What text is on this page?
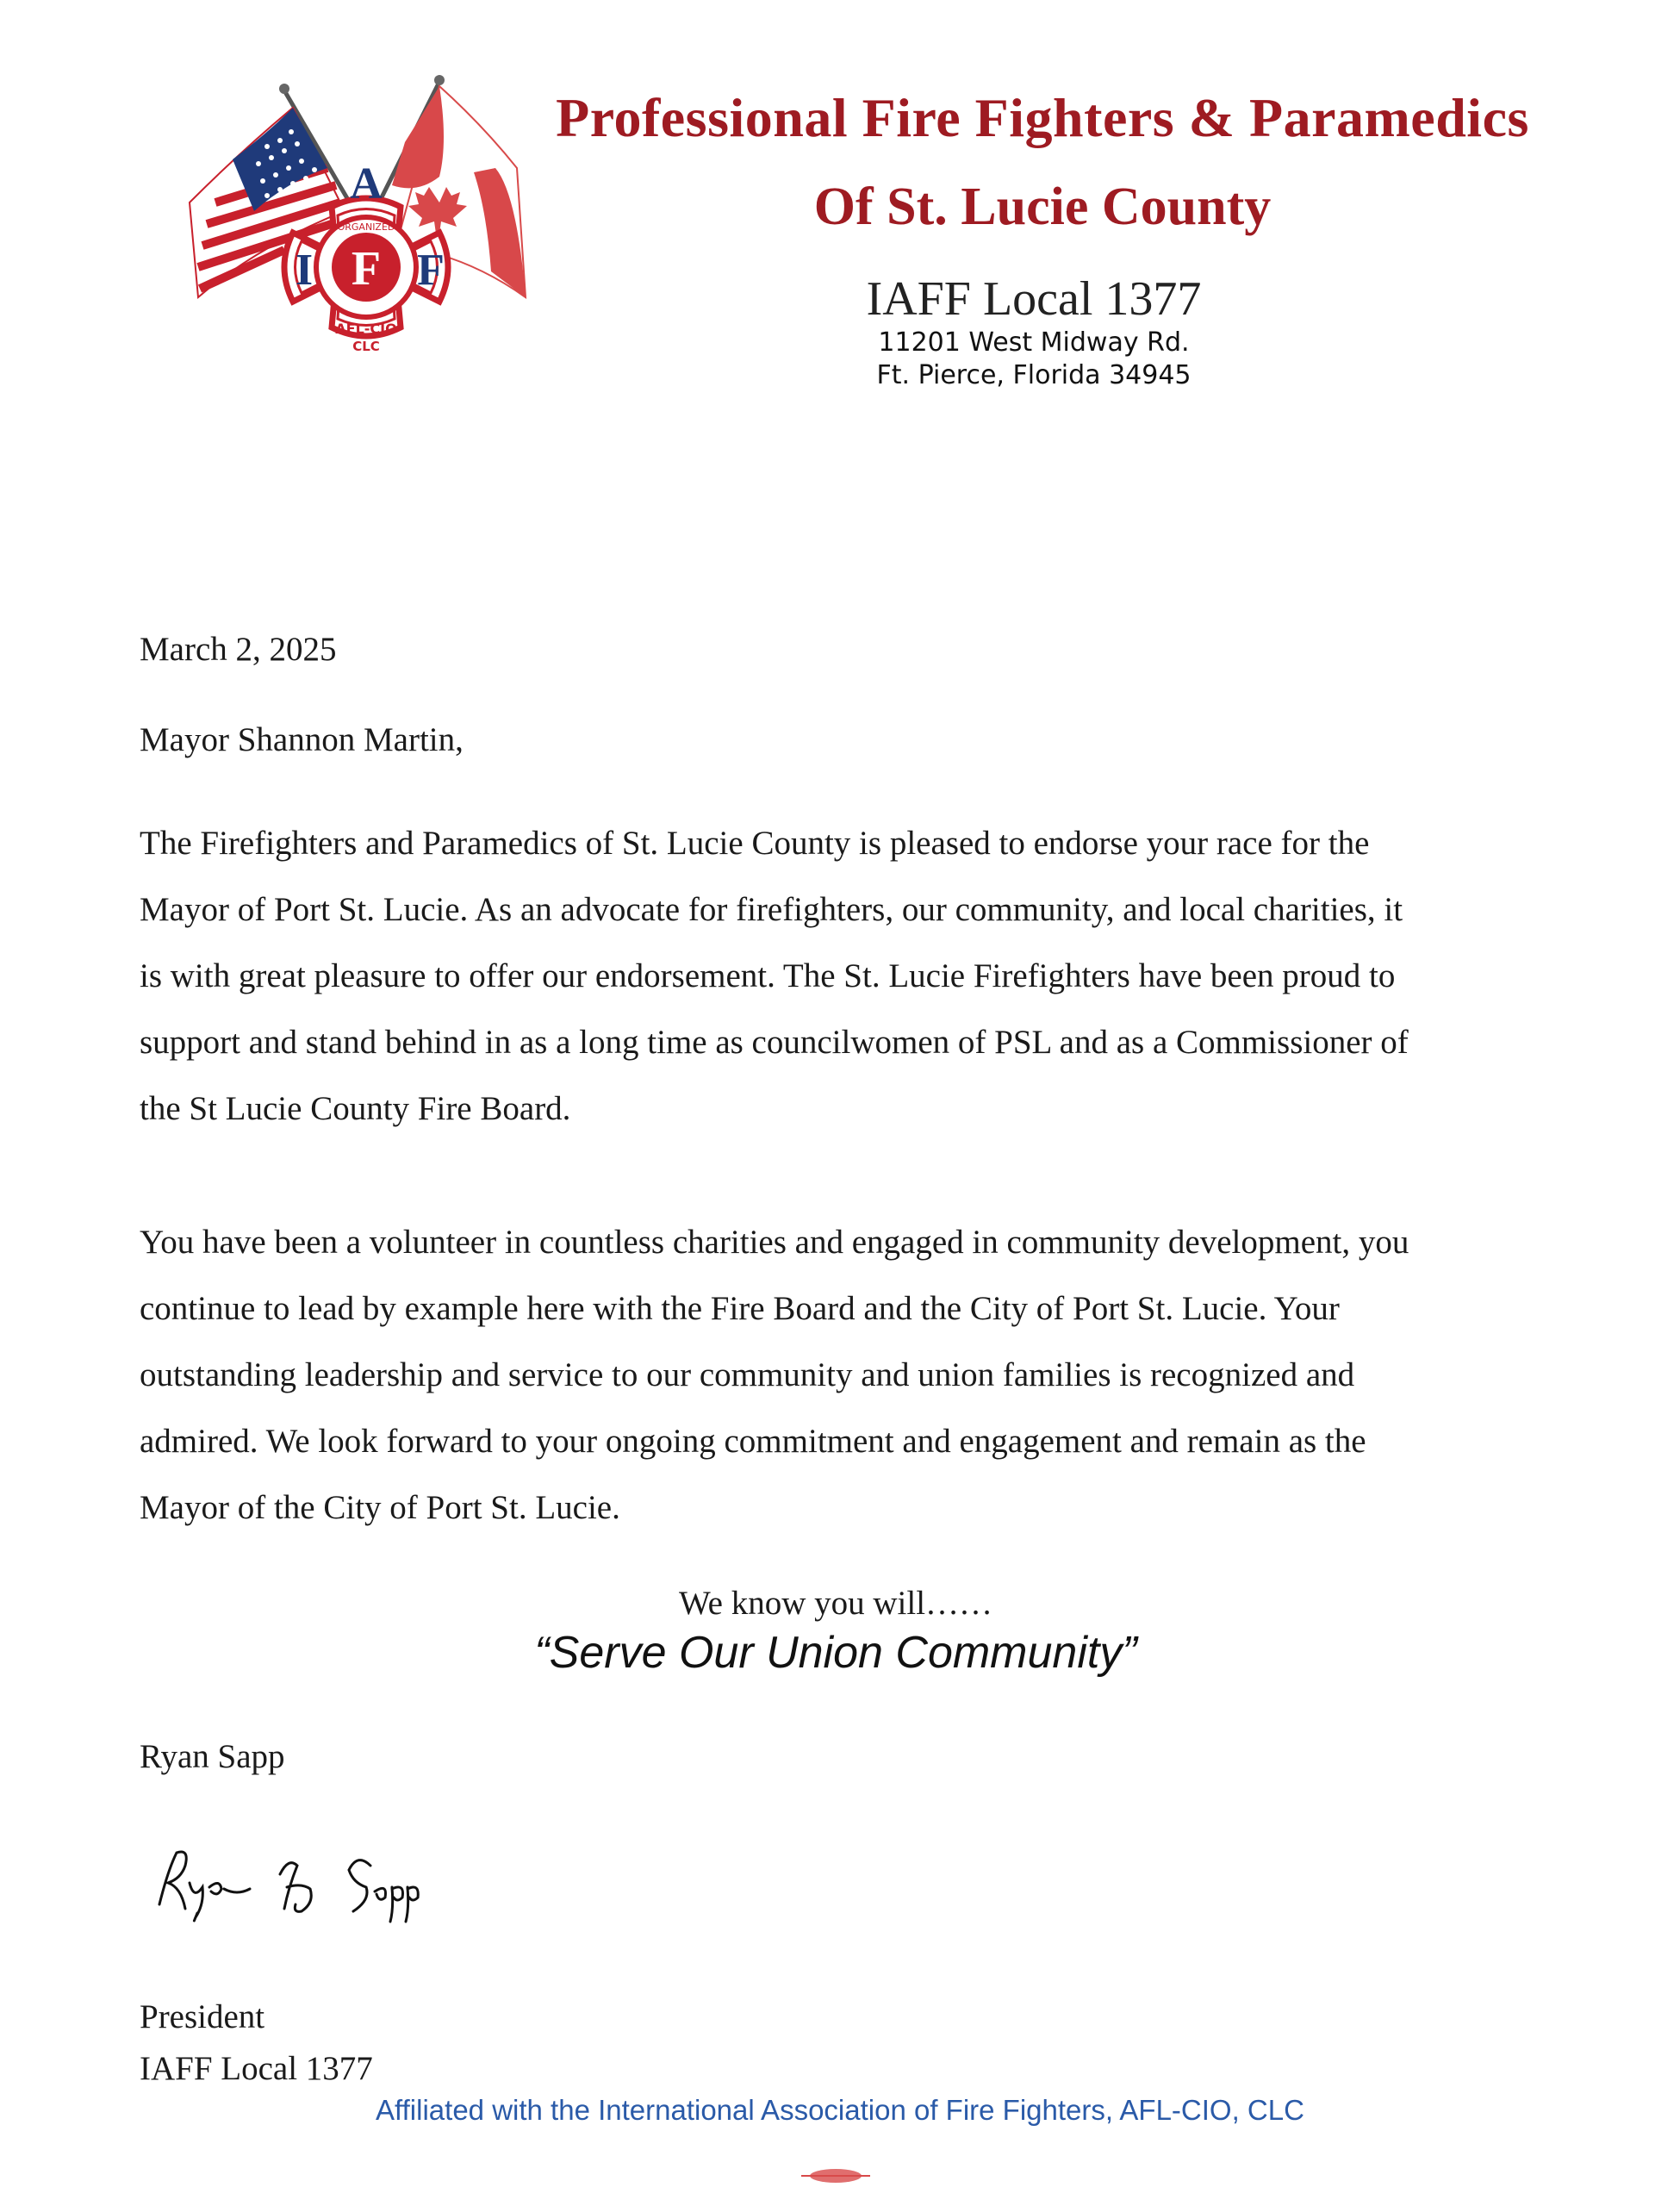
F
A
I F
ORGANIZED
AFL-CIO
CLC
Professional Fire Fighters & Paramedics
Of St. Lucie County
IAFF Local 1377
11201 West Midway Rd.
Ft. Pierce, Florida 34945
March 2, 2025
Mayor Shannon Martin,
The Firefighters and Paramedics of St. Lucie County is pleased to endorse your race for the
Mayor of Port St. Lucie. As an advocate for firefighters, our community, and local charities, it
is with great pleasure to offer our endorsement. The St. Lucie Firefighters have been proud to
support and stand behind in as a long time as councilwomen of PSL and as a Commissioner of
the St Lucie County Fire Board.
You have been a volunteer in countless charities and engaged in community development, you
continue to lead by example here with the Fire Board and the City of Port St. Lucie. Your
outstanding leadership and service to our community and union families is recognized and
admired. We look forward to your ongoing commitment and engagement and remain as the
Mayor of the City of Port St. Lucie.
We know you will……
“Serve Our Union Community”
Ryan Sapp
President
IAFF Local 1377
Affiliated with the International Association of Fire Fighters, AFL-CIO, CLC
